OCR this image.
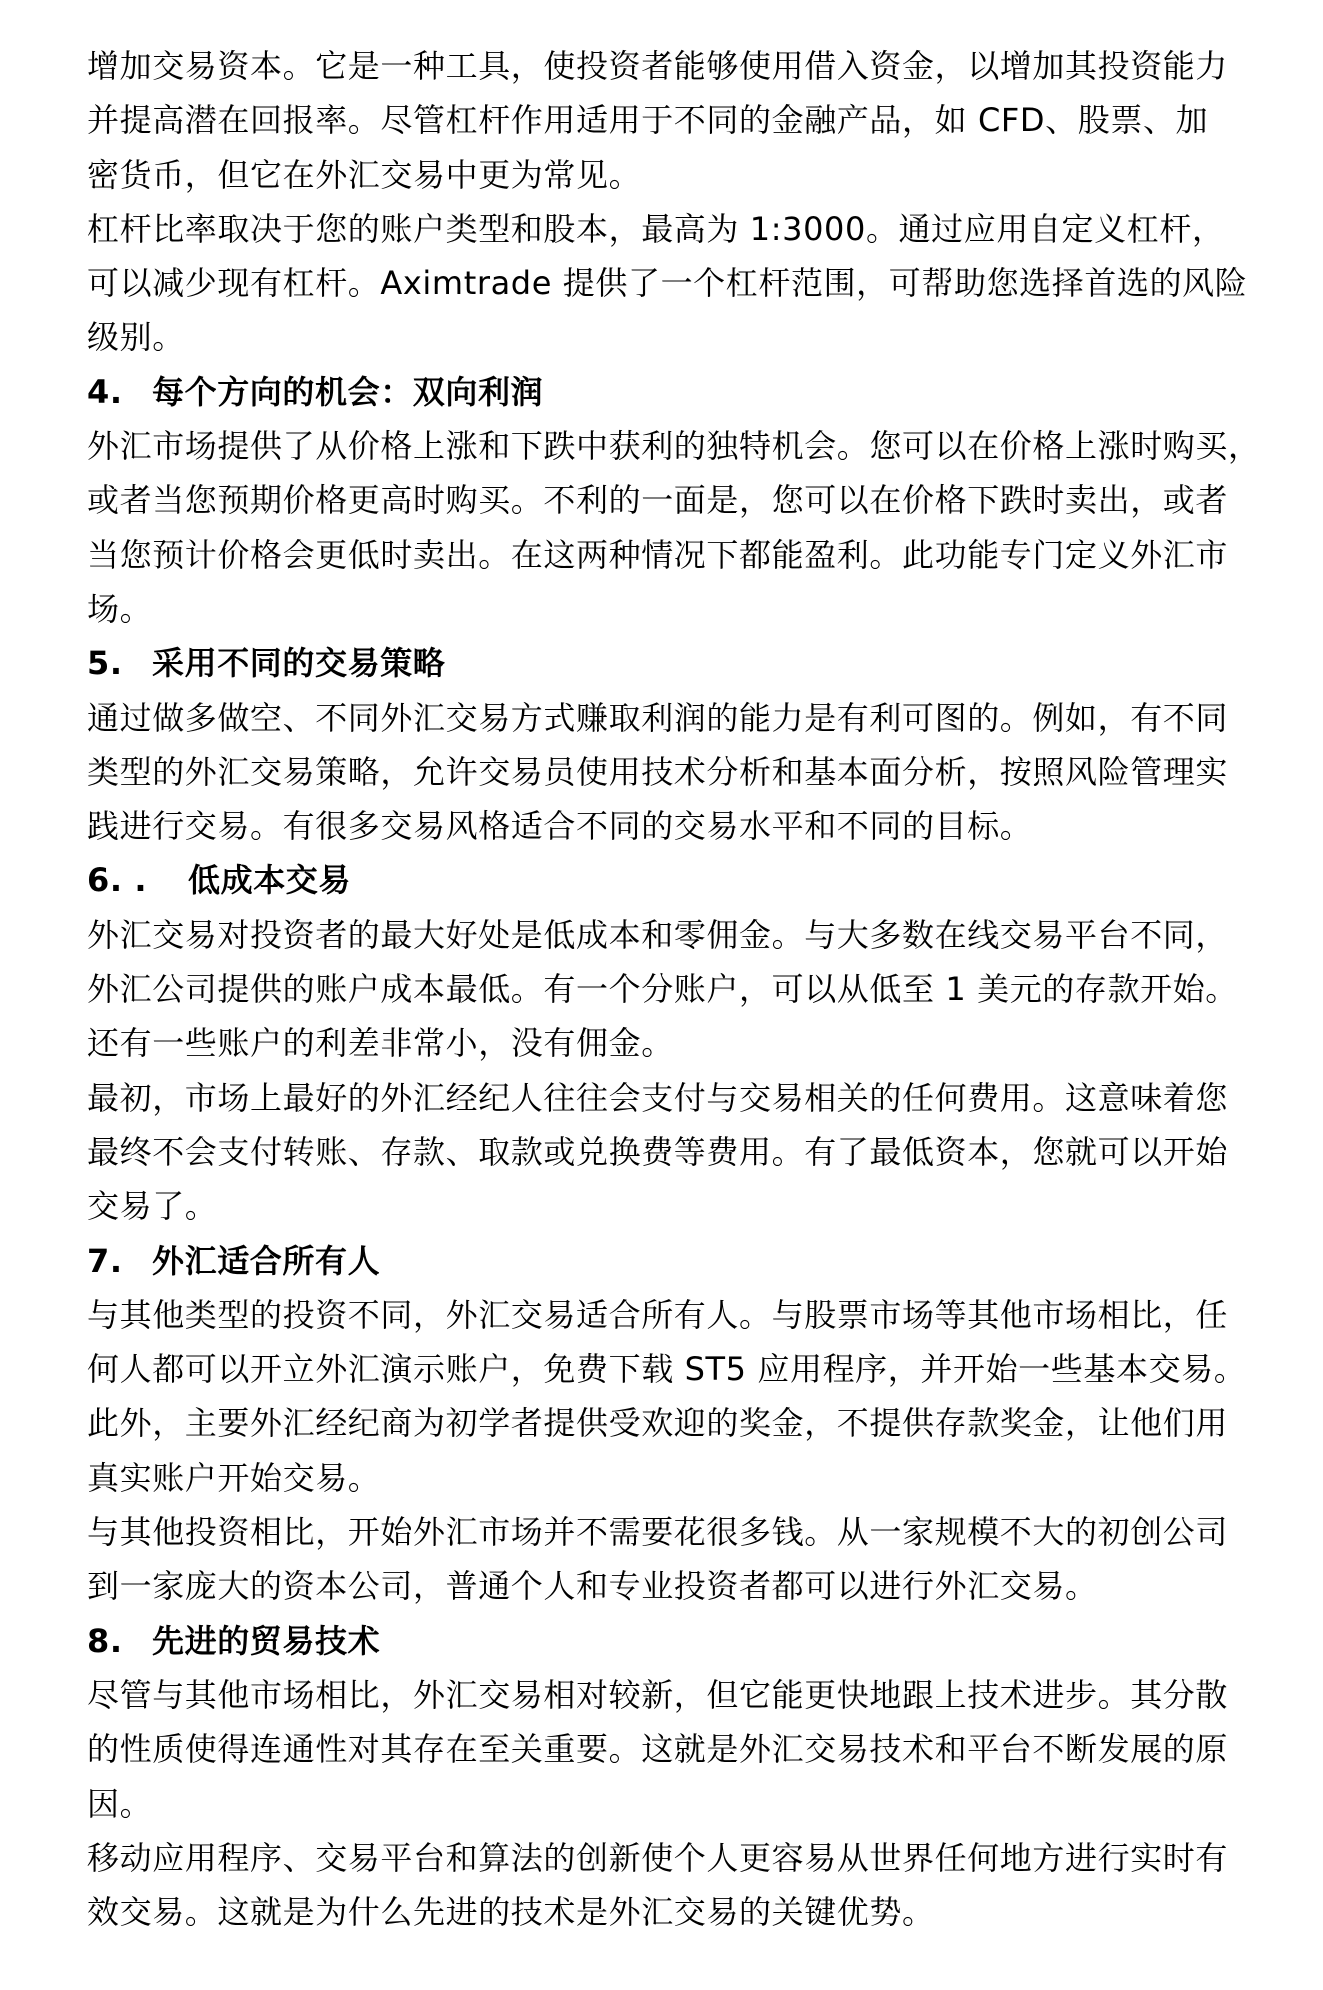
增加交易资本。它是一种工具，使投资者能够使用借入资金，以增加其投资能力
并提高潜在回报率。尽管杠杆作用适用于不同的金融产品，如 CFD、股票、加
密货币，但它在外汇交易中更为常见。
杠杆比率取决于您的账户类型和股本，最高为 1:3000。通过应用自定义杠杆，
可以减少现有杠杆。Aximtrade 提供了一个杠杆范围，可帮助您选择首选的风险
级别。
4. 每个方向的机会：双向利润
外汇市场提供了从价格上涨和下跌中获利的独特机会。您可以在价格上涨时购买，
或者当您预期价格更高时购买。不利的一面是，您可以在价格下跌时卖出，或者
当您预计价格会更低时卖出。在这两种情况下都能盈利。此功能专门定义外汇市
场。
5. 采用不同的交易策略
通过做多做空、不同外汇交易方式赚取利润的能力是有利可图的。例如，有不同
类型的外汇交易策略，允许交易员使用技术分析和基本面分析，按照风险管理实
践进行交易。有很多交易风格适合不同的交易水平和不同的目标。
6. .	低成本交易
外汇交易对投资者的最大好处是低成本和零佣金。与大多数在线交易平台不同，
外汇公司提供的账户成本最低。有一个分账户，可以从低至 1 美元的存款开始。
还有一些账户的利差非常小，没有佣金。
最初，市场上最好的外汇经纪人往往会支付与交易相关的任何费用。这意味着您
最终不会支付转账、存款、取款或兑换费等费用。有了最低资本，您就可以开始
交易了。
7. 外汇适合所有人
与其他类型的投资不同，外汇交易适合所有人。与股票市场等其他市场相比，任
何人都可以开立外汇演示账户，免费下载 ST5 应用程序，并开始一些基本交易。
此外，主要外汇经纪商为初学者提供受欢迎的奖金，不提供存款奖金，让他们用
真实账户开始交易。
与其他投资相比，开始外汇市场并不需要花很多钱。从一家规模不大的初创公司
到一家庞大的资本公司，普通个人和专业投资者都可以进行外汇交易。
8. 先进的贸易技术
尽管与其他市场相比，外汇交易相对较新，但它能更快地跟上技术进步。其分散
的性质使得连通性对其存在至关重要。这就是外汇交易技术和平台不断发展的原
因。
移动应用程序、交易平台和算法的创新使个人更容易从世界任何地方进行实时有
效交易。这就是为什么先进的技术是外汇交易的关键优势。
